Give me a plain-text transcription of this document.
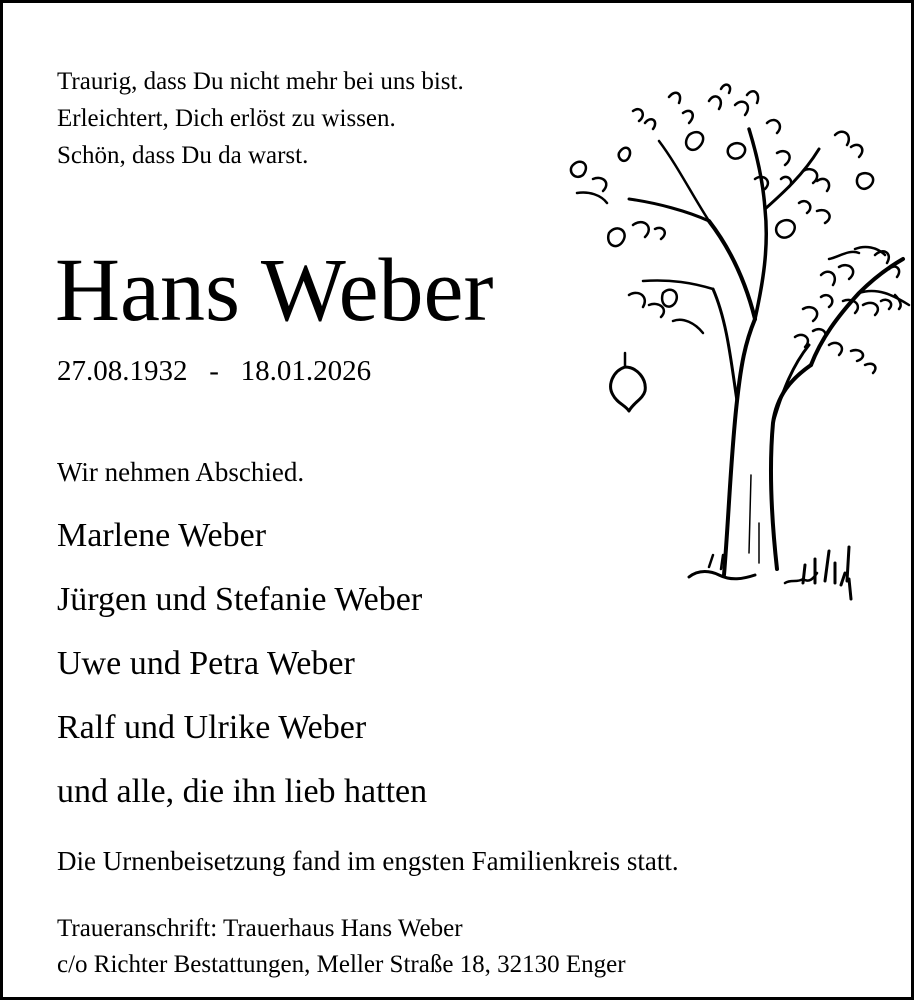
Traurig, dass Du nicht mehr bei uns bist.
Erleichtert, Dich erlöst zu wissen.
Schön, dass Du da warst.
Hans Weber
27.08.1932   -   18.01.2026
Wir nehmen Abschied.
Marlene Weber
Jürgen und Stefanie Weber
Uwe und Petra Weber
Ralf und Ulrike Weber
und alle, die ihn lieb hatten
Die Urnenbeisetzung fand im engsten Familienkreis statt.
Traueranschrift: Trauerhaus Hans Weber
c/o Richter Bestattungen, Meller Straße 18, 32130 Enger
